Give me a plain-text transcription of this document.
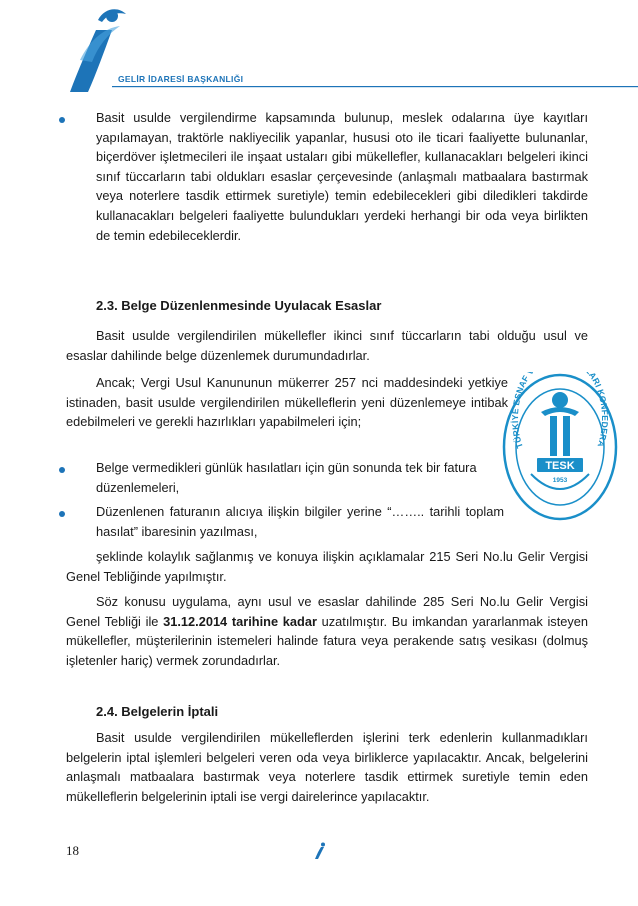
GELİR İDARESİ BAŞKANLIĞI
Basit usulde vergilendirme kapsamında bulunup, meslek odalarına üye kayıtları yapılamayan, traktörle nakliyecilik yapanlar, hususi oto ile ticari faaliyette bulunanlar, biçerdöver işletmecileri ile inşaat ustaları gibi mükellefler, kullanacakları belgeleri ikinci sınıf tüccarların tabi oldukları esaslar çerçevesinde (anlaşmalı matbaalara bastırmak veya noterlere tasdik ettirmek suretiyle) temin edebilecekleri gibi diledikleri takdirde kullanacakları belgeleri faaliyette bulundukları yerdeki herhangi bir oda veya birlikten de temin edebileceklerdir.
2.3. Belge Düzenlenmesinde Uyulacak Esaslar
Basit usulde vergilendirilen mükellefler ikinci sınıf tüccarların tabi olduğu usul ve esaslar dahilinde belge düzenlemek durumundadırlar.
Ancak; Vergi Usul Kanununun mükerrer 257 nci maddesindeki yetkiye istinaden, basit usulde vergilendirilen mükelleflerin yeni düzenlemeye intibak edebilmeleri ve gerekli hazırlıkları yapabilmeleri için;
Belge vermedikleri günlük hasılatları için gün sonunda tek bir fatura düzenlemeleri,
Düzenlenen faturanın alıcıya ilişkin bilgiler yerine “…….. tarihli toplam hasılat” ibaresinin yazılması,
şeklinde kolaylık sağlanmış ve konuya ilişkin açıklamalar 215 Seri No.lu Gelir Vergisi Genel Tebliğinde yapılmıştır.
Söz konusu uygulama, aynı usul ve esaslar dahilinde 285 Seri No.lu Gelir Vergisi Genel Tebliği ile 31.12.2014 tarihine kadar uzatılmıştır. Bu imkandan yararlanmak isteyen mükellefler, müşterilerinin istemeleri halinde fatura veya perakende satış vesikası (dolmuş işletenler hariç) vermek zorundadırlar.
TÜRKİYE ESNAF ARI KONFEDERA
TESK
1953
2.4. Belgelerin İptali
Basit usulde vergilendirilen mükelleflerden işlerini terk edenlerin kullanmadıkları belgelerin iptal işlemleri belgeleri veren oda veya birliklerce yapılacaktır. Ancak, belgelerini anlaşmalı matbaalara bastırmak veya noterlere tasdik ettirmek suretiyle temin eden mükelleflerin belgelerinin iptali ise vergi dairelerince yapılacaktır.
18
